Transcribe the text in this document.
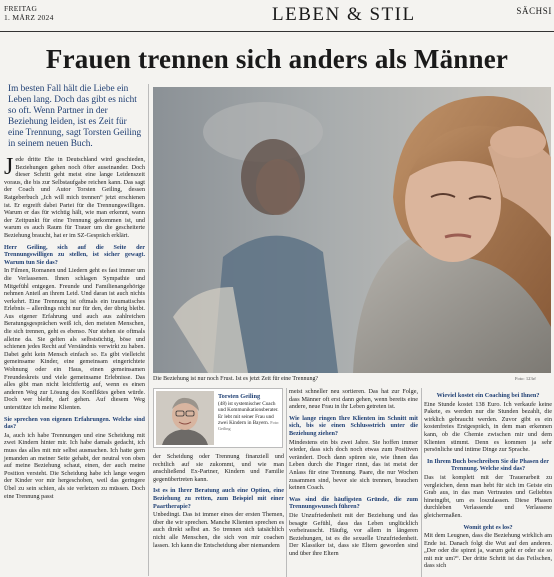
FREITAG
1. MÄRZ 2024	LEBEN & STIL	SÄCHSI
Frauen trennen sich anders als Männer
Im besten Fall hält die Liebe ein Leben lang. Doch das gibt es nicht so oft. Wenn Partner in der Beziehung leiden, ist es Zeit für eine Trennung, sagt Torsten Geiling in seinem neuen Buch.

Jede dritte Ehe in Deutschland wird geschieden, Beziehungen gehen noch öfter auseinander. Doch dieser Schritt geht meist eine lange Leidenszeit voraus, die bis zur Selbstaufgabe reichen kann. Das sagt der Coach und Autor Torsten Geiling, dessen Ratgeberbuch „Ich will mich trennen“ jetzt erschienen ist. Er ergreift dabei Partei für die Trennungswilligen. Warum er das für wichtig hält, wie man erkennt, wann der Zeitpunkt für eine Trennung gekommen ist, und warum es auch Raum für Trauer um die gescheiterte Beziehung braucht, hat er im SZ-Gespräch erklärt.

Herr Geiling, sich auf die Seite der Trennungswilligen zu stellen, ist sicher gewagt. Warum tun Sie das?

In Filmen, Romanen und Liedern geht es fast immer um die Verlassenen. Ihnen schlagen Sympathie und Mitgefühl entgegen. Freunde und Familienangehörige nehmen Anteil an ihrem Leid. Und daran ist auch nichts verkehrt. Eine Trennung ist oftmals ein traumatisches Erlebnis – allerdings nicht nur für den, der übrig bleibt. Aus eigener Erfahrung und auch aus zahlreichen Beratungsgesprächen weiß ich, den meisten Menschen, die sich trennen, geht es ebenso. Nur stehen sie oftmals alleine da. Sie gelten als selbstsüchtig, böse und schienen jedes Recht auf Verständnis verwirkt zu haben. Dabei geht kein Mensch einfach so. Es gibt vielleicht gemeinsame Kinder, eine gemeinsam eingerichtete Wohnung oder ein Haus, einen gemeinsamen Freundeskreis und viele gemeinsame Erlebnisse. Das alles gibt man nicht leichtfertig auf, wenn es einen anderen Weg zur Lösung des Konfliktes geben würde. Doch wer bleibt, darf gehen. Auf diesem Weg unterstütze ich meine Klienten.

Sie sprechen von eigenen Erfahrungen. Welche sind das?

Ja, auch ich habe Trennungen und eine Scheidung mit zwei Kindern hinter mir. Ich habe damals gedacht, ich muss das alles mit mir selbst ausmachen. Ich hatte gern jemanden an meiner Seite gehabt, der neutral von oben auf meine Beziehung schaut, einen, der auch meine Position versteht. Die Scheidung habe ich lange wegen der Kinder vor mir hergeschoben, weil das geringere Übel zu sein schien, als sie verletzen zu müssen. Doch eine Trennung passt

Die Beziehung ist nur noch Frust. Ist es jetzt Zeit für eine Trennung?	Foto: 123rf
Torsten Geiling
(48) ist systemischer Coach und Kommunikationsberater. Er lebt mit seiner Frau und zwei Kindern in Bayern. Foto: Geiling

der Scheidung oder Trennung finanziell und rechtlich auf sie zukommt, und wie man anschließend Ex-Partner, Kindern und Familie gegenübertreten kann.

Ist es in Ihrer Beratung auch eine Option, eine Beziehung zu retten, zum Beispiel mit einer Paartherapie?

Unbedingt. Das ist immer eines der ersten Themen, über die wir sprechen. Manche Klienten sprechen es auch direkt selbst an. So trennen sich tatsächlich nicht alle Menschen, die sich von mir coachen lassen. Ich kann die Entscheidung aber niemandem

meist schneller neu sortieren. Das hat zur Folge, dass Männer oft erst dann gehen, wenn bereits eine andere, neue Frau in ihr Leben getreten ist.

Wie lange ringen Ihre Klienten im Schnitt mit sich, bis sie einen Schlussstrich unter die Beziehung ziehen?

Mindestens ein bis zwei Jahre. Sie hoffen immer wieder, dass sich doch noch etwas zum Positiven verändert. Doch dann spüren sie, wie ihnen das Leben durch die Finger rinnt, das ist meist der Anlass für eine Trennung. Paare, die nur Wochen zusammen sind, bevor sie sich trennen, brauchen keinen Coach.

Was sind die häufigsten Gründe, die zum Trennungswunsch führen?

Die Unzufriedenheit mit der Beziehung und das besagte Gefühl, dass das Leben unglücklich vorbeirauscht. Häufig, vor allem in längeren Beziehungen, ist es die sexuelle Unzufriedenheit. Der Klassiker ist, dass sie Eltern geworden sind und über ihre Eltern

Wieviel kostet ein Coaching bei Ihnen?

Eine Stunde kostet 138 Euro. Ich verkaufe keine Pakete, es werden nur die Stunden bezahlt, die wirklich gebraucht werden. Zuvor gibt es ein kostenfreies Erstgespräch, in dem man erkennen kann, ob die Chemie zwischen mir und dem Klienten stimmt. Denn es kommen ja sehr persönliche und intime Dinge zur Sprache.

In Ihrem Buch beschreiben Sie die Phasen der Trennung. Welche sind das?

Das ist komplett mit der Trauerarbeit zu vergleichen, denn man hebt für sich im Geiste ein Grab aus, in das man Vertrautes und Geliebtes hineingibt, um es loszulassen. Diese Phasen durchleben Verlassende und Verlassene gleichermaßen.

Womit geht es los?

Mit dem Leugnen, dass die Beziehung wirklich am Ende ist. Danach folgt die Wut auf den anderen. „Der oder die spinnt ja, warum geht er oder sie so mit mir um?“. Der dritte Schritt ist das Feilschen, dass sich
